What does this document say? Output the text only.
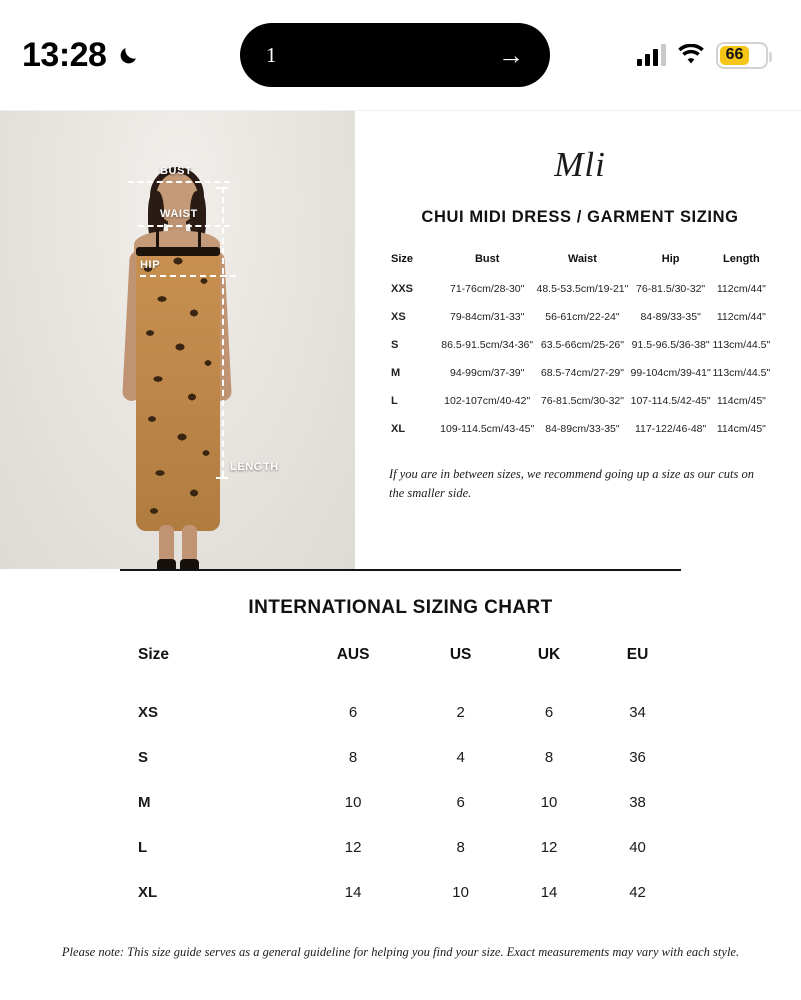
13:28	1	→	66
BUST
WAIST
HIP
LENGTH
Mli
CHUI MIDI DRESS / GARMENT SIZING
Size	Bust	Waist	Hip	Length
XXS	71-76cm/28-30"	48.5-53.5cm/19-21"	76-81.5/30-32"	112cm/44"
XS	79-84cm/31-33"	56-61cm/22-24"	84-89/33-35"	112cm/44"
S	86.5-91.5cm/34-36"	63.5-66cm/25-26"	91.5-96.5/36-38"	113cm/44.5"
M	94-99cm/37-39"	68.5-74cm/27-29"	99-104cm/39-41"	113cm/44.5"
L	102-107cm/40-42"	76-81.5cm/30-32"	107-114.5/42-45"	114cm/45"
XL	109-114.5cm/43-45"	84-89cm/33-35"	117-122/46-48"	114cm/45"
If you are in between sizes, we recommend going up a size as our cuts on the smaller side.
INTERNATIONAL SIZING CHART
Size	AUS	US	UK	EU
XS	6	2	6	34
S	8	4	8	36
M	10	6	10	38
L	12	8	12	40
XL	14	10	14	42
Please note: This size guide serves as a general guideline for helping you find your size. Exact measurements may vary with each style.
